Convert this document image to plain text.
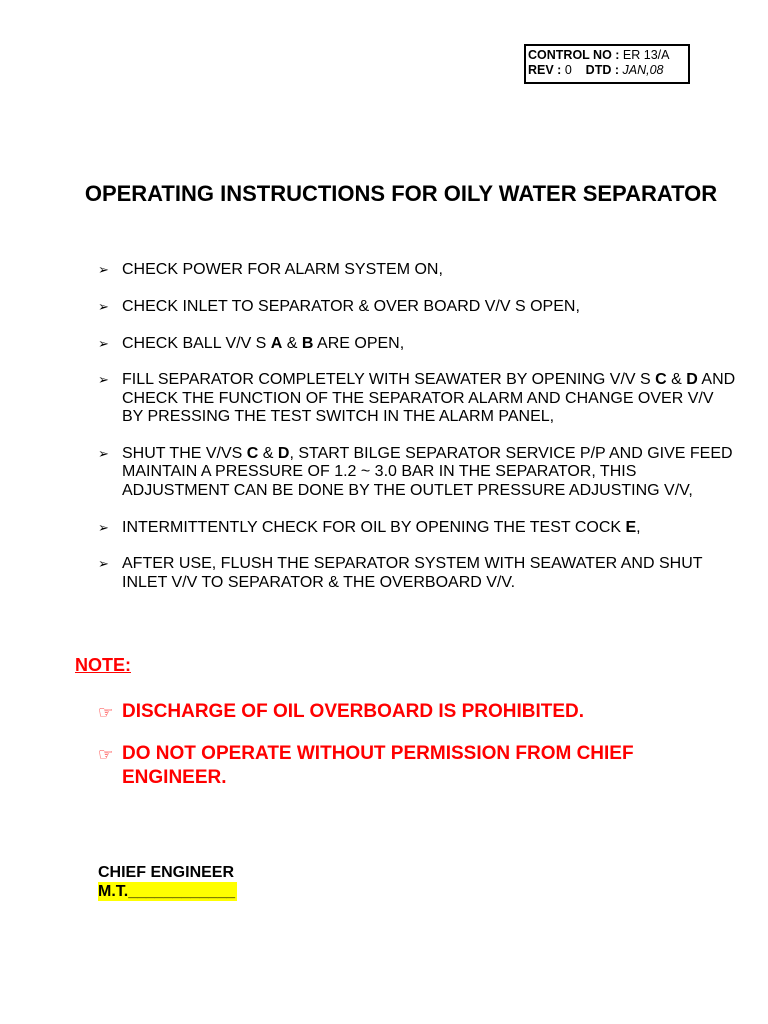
CONTROL NO : ER 13/A
REV : 0 DTD : JAN,08
OPERATING INSTRUCTIONS FOR OILY WATER SEPARATOR
➢ CHECK POWER FOR ALARM SYSTEM ON,
➢ CHECK INLET TO SEPARATOR & OVER BOARD V/V S OPEN,
➢ CHECK BALL V/V S A & B ARE OPEN,
➢ FILL SEPARATOR COMPLETELY WITH SEAWATER BY OPENING V/V S C & D AND CHECK THE FUNCTION OF THE SEPARATOR ALARM AND CHANGE OVER V/V BY PRESSING THE TEST SWITCH IN THE ALARM PANEL,
➢ SHUT THE V/VS C & D, START BILGE SEPARATOR SERVICE P/P AND GIVE FEED MAINTAIN A PRESSURE OF 1.2 ~ 3.0 BAR IN THE SEPARATOR, THIS ADJUSTMENT CAN BE DONE BY THE OUTLET PRESSURE ADJUSTING V/V,
➢ INTERMITTENTLY CHECK FOR OIL BY OPENING THE TEST COCK E,
➢ AFTER USE, FLUSH THE SEPARATOR SYSTEM WITH SEAWATER AND SHUT INLET V/V TO SEPARATOR & THE OVERBOARD V/V.
NOTE:
☞ DISCHARGE OF OIL OVERBOARD IS PROHIBITED.
☞ DO NOT OPERATE WITHOUT PERMISSION FROM CHIEF ENGINEER.
CHIEF ENGINEER
M.T.____________
